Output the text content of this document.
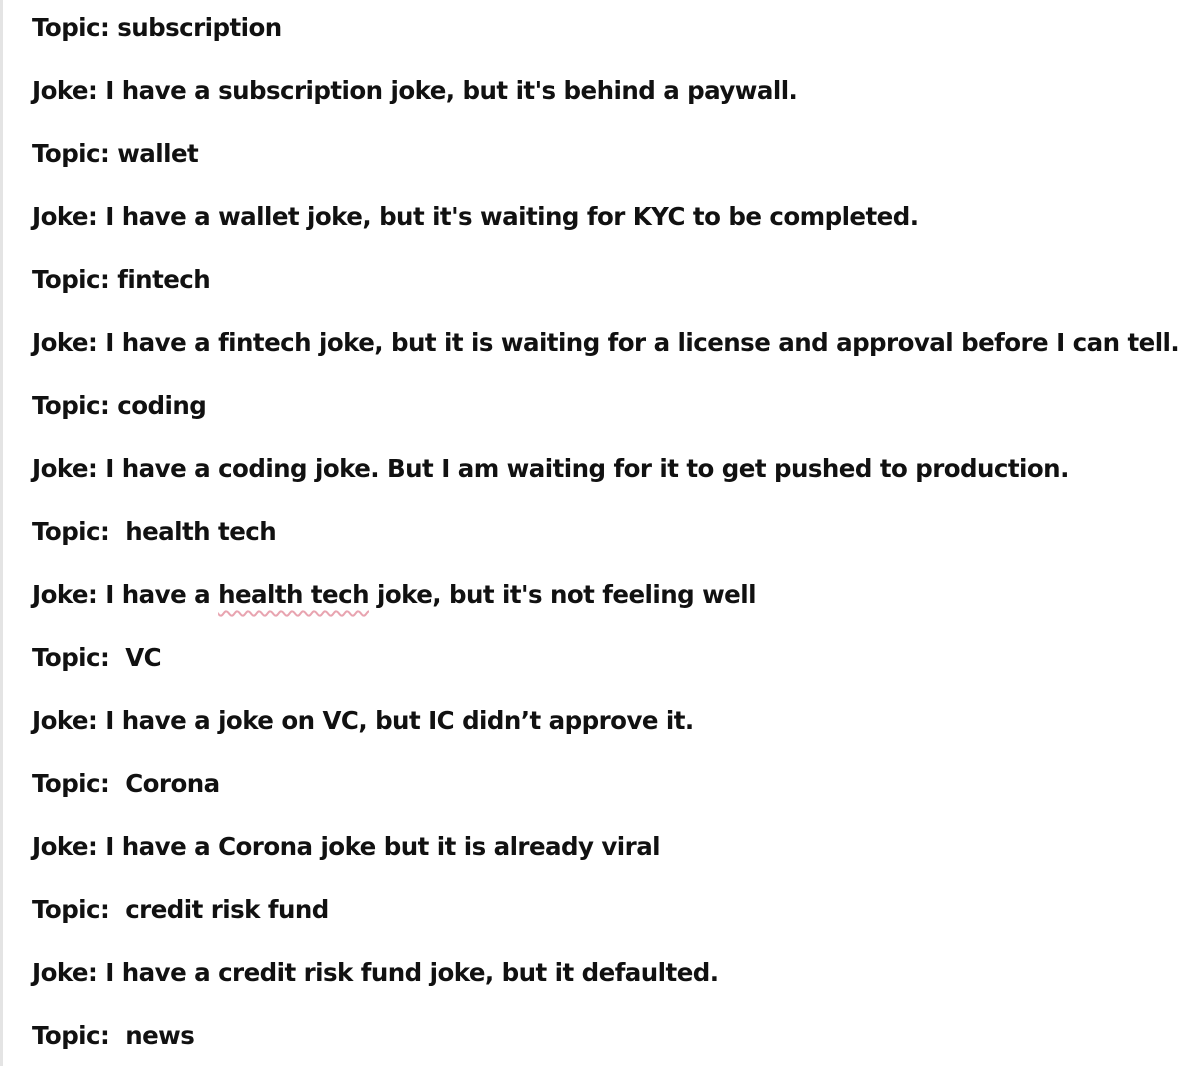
Topic: subscription
Joke: I have a subscription joke, but it's behind a paywall.
Topic: wallet
Joke: I have a wallet joke, but it's waiting for KYC to be completed.
Topic: fintech
Joke: I have a fintech joke, but it is waiting for a license and approval before I can tell.
Topic: coding
Joke: I have a coding joke. But I am waiting for it to get pushed to production.
Topic:  health tech
Joke: I have a health tech joke, but it's not feeling well
Topic:  VC
Joke: I have a joke on VC, but IC didn’t approve it.
Topic:  Corona
Joke: I have a Corona joke but it is already viral
Topic:  credit risk fund
Joke: I have a credit risk fund joke, but it defaulted.
Topic:  news
